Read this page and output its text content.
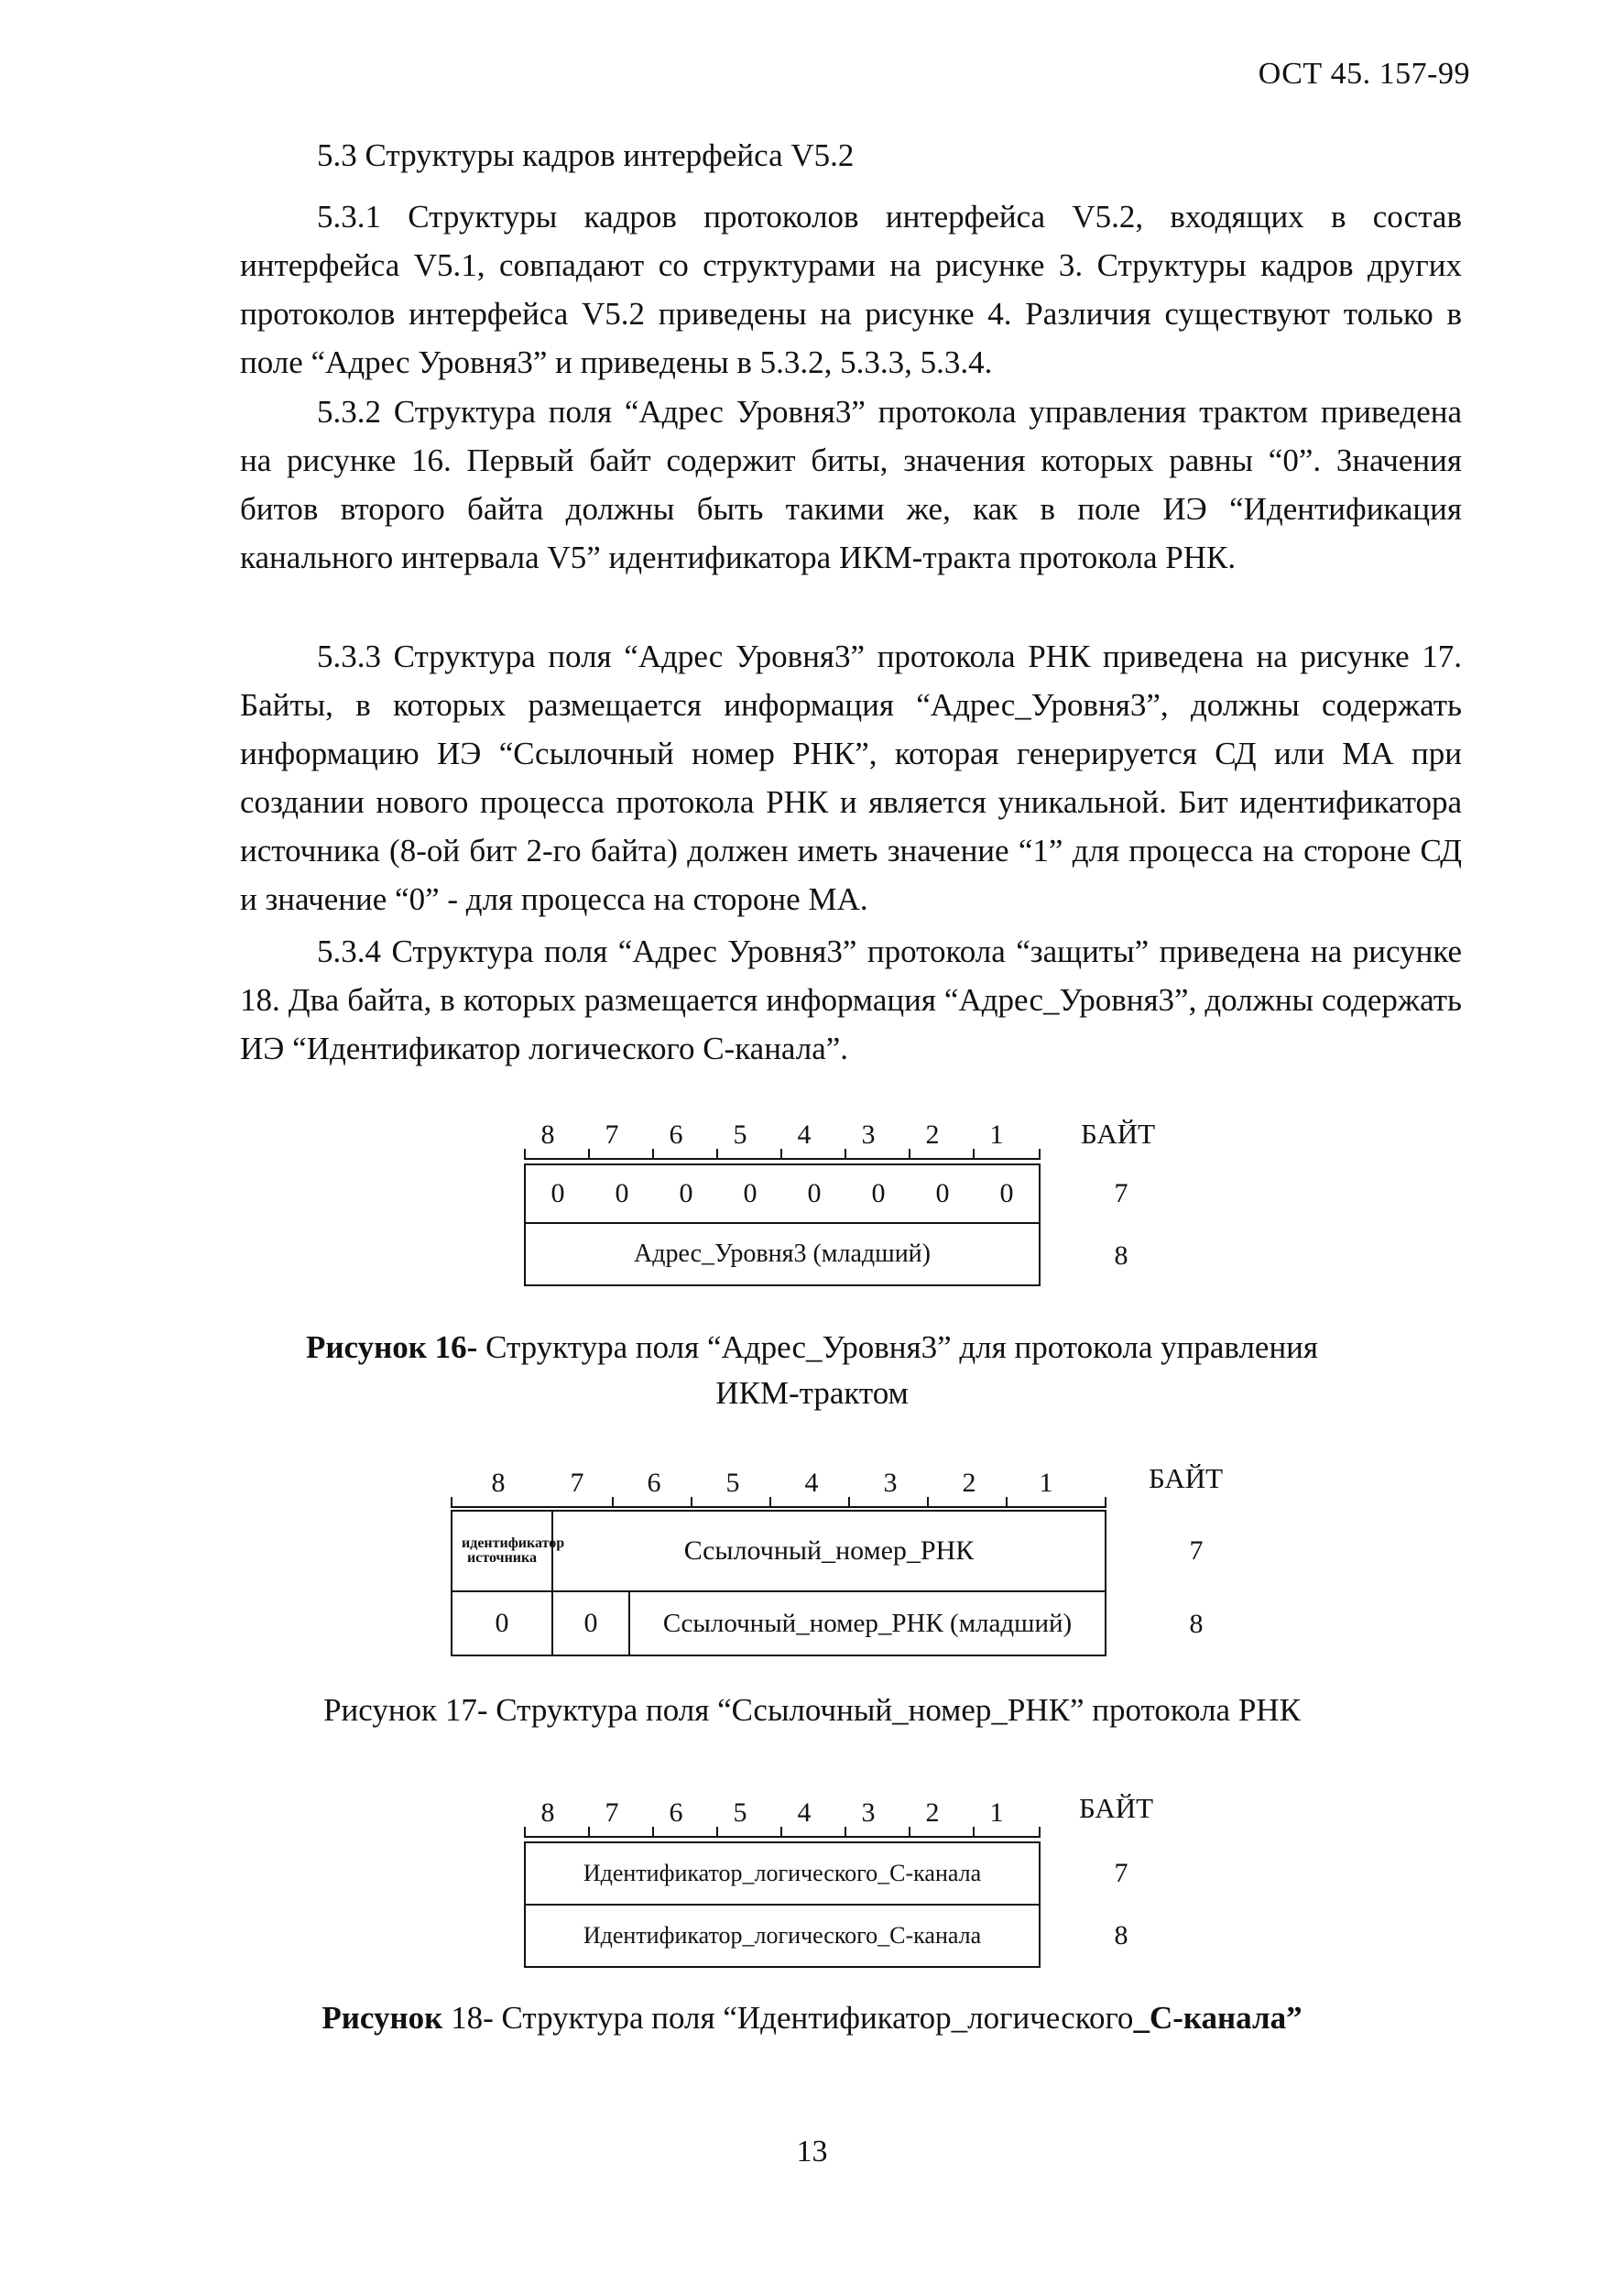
ОСТ 45. 157-99
5.3 Структуры кадров интерфейса V5.2

5.3.1 Структуры кадров протоколов интерфейса V5.2, входящих в состав интерфейса V5.1, совпадают со структурами на рисунке 3. Структуры кадров других протоколов интерфейса V5.2 приведены на рисунке 4. Различия существуют только в поле “Адрес Уровня3” и приведены в 5.3.2, 5.3.3, 5.3.4.

5.3.2 Структура поля “Адрес Уровня3” протокола управления трактом приведена на рисунке 16. Первый байт содержит биты, значения которых равны “0”. Значения битов второго байта должны быть такими же, как в поле ИЭ “Идентификация канального интервала V5” идентификатора ИКМ-тракта протокола РНК.

5.3.3 Структура поля “Адрес Уровня3” протокола РНК приведена на рисунке 17. Байты, в которых размещается информация “Адрес_Уровня3”, должны содержать информацию ИЭ “Ссылочный номер РНК”, которая генерируется СД или МА при создании нового процесса протокола РНК и является уникальной. Бит идентификатора источника (8-ой бит 2-го байта) должен иметь значение “1” для процесса на стороне СД и значение “0” - для процесса на стороне МА.

5.3.4 Структура поля “Адрес Уровня3” протокола “защиты” приведена на рисунке 18. Два байта, в которых размещается информация “Адрес_Уровня3”, должны содержать ИЭ “Идентификатор логического С-канала”.

8	7	6	5	4	3	2	1	БАЙТ
0	0	0	0	0	0	0	0	7
Адрес_Уровня3 (младший)	8
Рисунок 16- Структура поля “Адрес_Уровня3” для протокола управления
ИКМ-трактом
8	7	6	5	4	3	2	1	БАЙТ
идентификатор источника	Ссылочный_номер_РНК	7
0	0	Ссылочный_номер_РНК (младший)	8
Рисунок 17- Структура поля “Ссылочный_номер_РНК” протокола РНК
8	7	6	5	4	3	2	1	БАЙТ
Идентификатор_логического_С-канала	7
Идентификатор_логического_С-канала	8
Рисунок 18- Структура поля “Идентификатор_логического_С-канала”
13
